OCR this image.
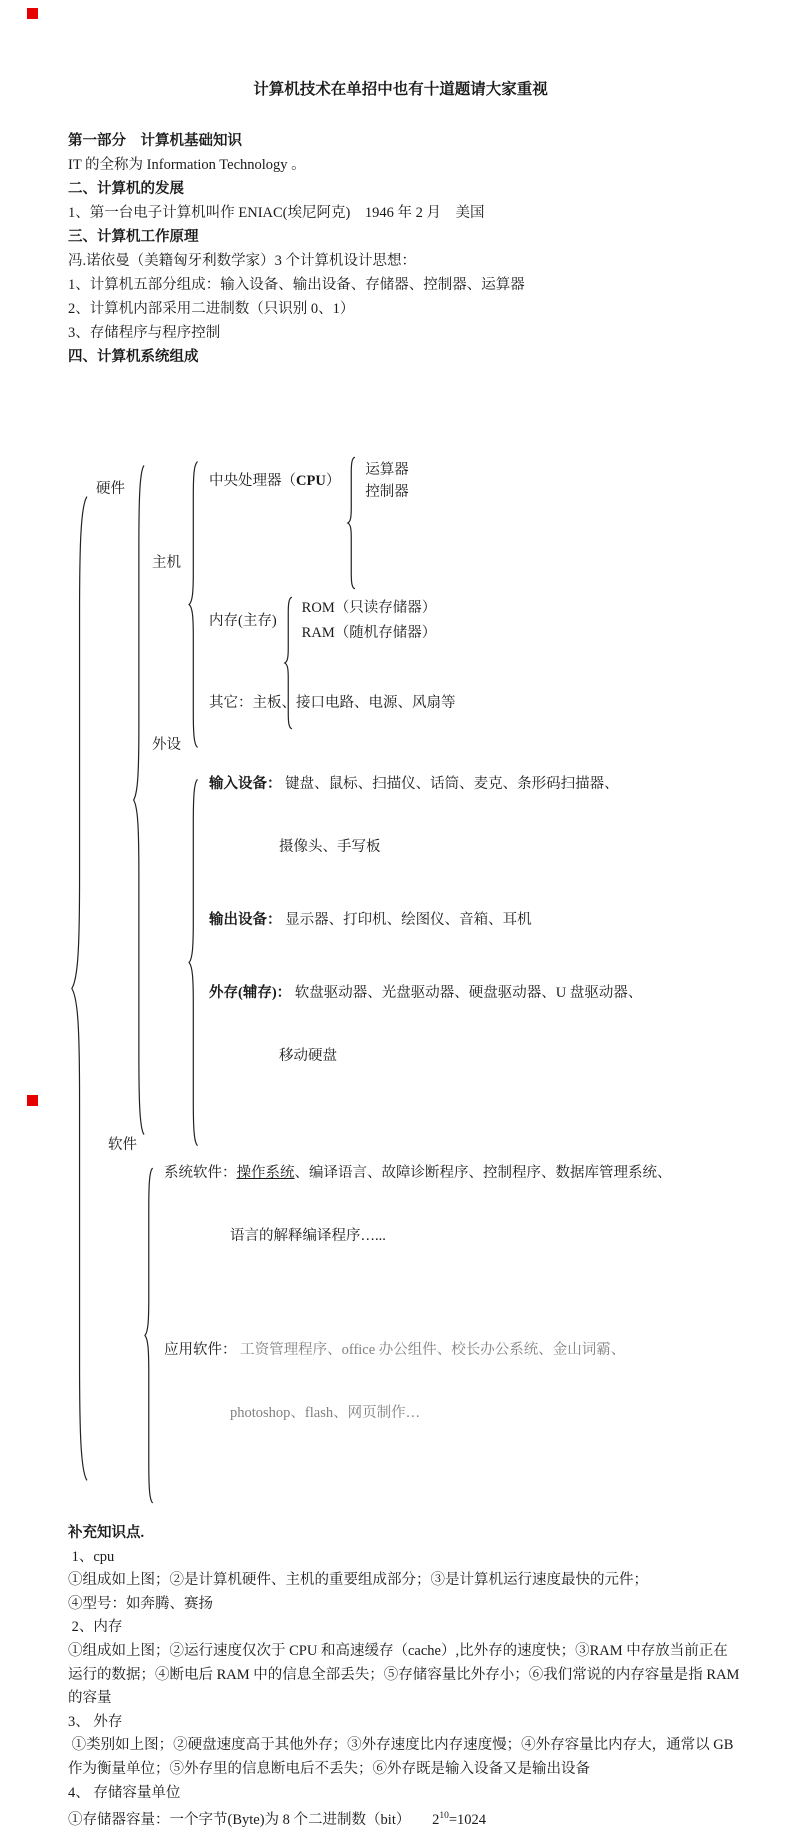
计算机技术在单招中也有十道题请大家重视
第一部分　计算机基础知识
IT 的全称为 Information Technology 。
二、计算机的发展
1、第一台电子计算机叫作 ENIAC(埃尼阿克)　1946 年 2 月　美国
三、计算机工作原理
冯.诺依曼（美籍匈牙利数学家）3 个计算机设计思想：
1、计算机五部分组成：输入设备、输出设备、存储器、控制器、运算器
2、计算机内部采用二进制数（只识别 0、1）
3、存储程序与程序控制
四、计算机系统组成

硬件

主机

中央处理器（CPU）

运算器
控制器
内存(主存)

ROM（只读存储器）
RAM（随机存储器）
其它：主板、接口电路、电源、风扇等
外设

输入设备： 键盘、鼠标、扫描仪、话筒、麦克、条形码扫描器、

摄像头、手写板

输出设备： 显示器、打印机、绘图仪、音箱、耳机

外存(辅存)： 软盘驱动器、光盘驱动器、硬盘驱动器、U 盘驱动器、

移动硬盘

软件

系统软件：操作系统、编译语言、故障诊断程序、控制程序、数据库管理系统、

语言的解释编译程序…...

应用软件： 工资管理程序、office 办公组件、校长办公系统、金山词霸、

photoshop、flash、网页制作…

补充知识点.
1、cpu
①组成如上图；②是计算机硬件、主机的重要组成部分；③是计算机运行速度最快的元件；
④型号：如奔腾、赛扬
2、内存
①组成如上图；②运行速度仅次于 CPU 和高速缓存（cache）,比外存的速度快；③RAM 中存放当前正在
运行的数据；④断电后 RAM 中的信息全部丢失；⑤存储容量比外存小；⑥我们常说的内存容量是指 RAM
的容量
3、 外存
①类别如上图；②硬盘速度高于其他外存；③外存速度比内存速度慢；④外存容量比内存大，通常以 GB
作为衡量单位；⑤外存里的信息断电后不丢失；⑥外存既是输入设备又是输出设备
4、 存储容量单位
①存储器容量：一个字节(Byte)为 8 个二进制数（bit）　　$2^{10}=1024$
